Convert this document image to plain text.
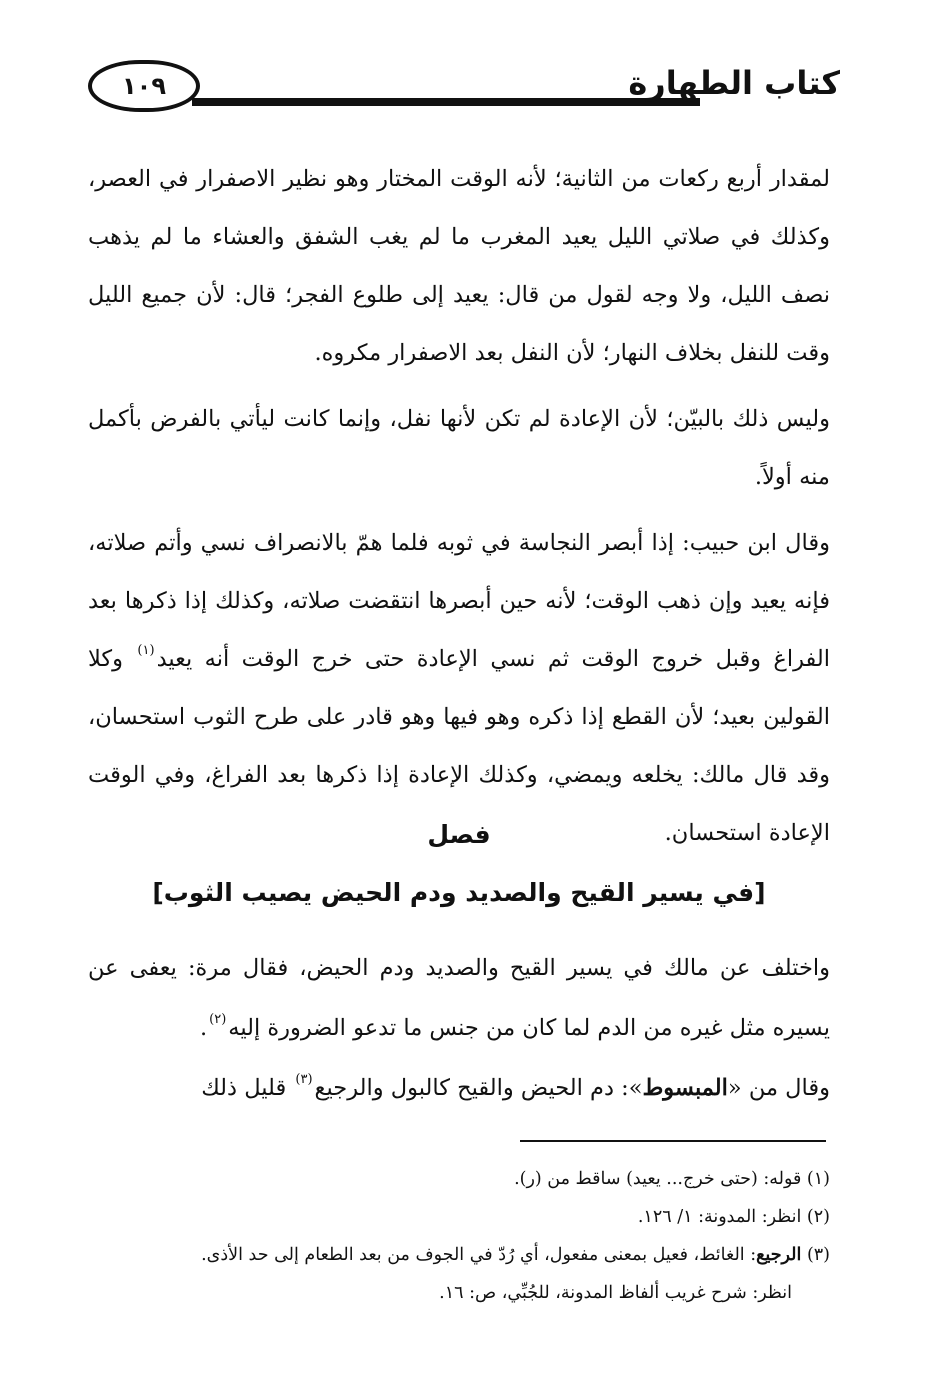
١٠٩	كتاب الطهارة

لمقدار أربع ركعات من الثانية؛ لأنه الوقت المختار وهو نظير الاصفرار في العصر، وكذلك في صلاتي الليل يعيد المغرب ما لم يغب الشفق والعشاء ما لم يذهب نصف الليل، ولا وجه لقول من قال: يعيد إلى طلوع الفجر؛ قال: لأن جميع الليل وقت للنفل بخلاف النهار؛ لأن النفل بعد الاصفرار مكروه.

وليس ذلك بالبيّن؛ لأن الإعادة لم تكن لأنها نفل، وإنما كانت ليأتي بالفرض بأكمل منه أولاً.

وقال ابن حبيب: إذا أبصر النجاسة في ثوبه فلما همّ بالانصراف نسي وأتم صلاته، فإنه يعيد وإن ذهب الوقت؛ لأنه حين أبصرها انتقضت صلاته، وكذلك إذا ذكرها بعد الفراغ وقبل خروج الوقت ثم نسي الإعادة حتى خرج الوقت أنه يعيد$^{(١)}$ وكلا القولين بعيد؛ لأن القطع إذا ذكره وهو فيها وهو قادر على طرح الثوب استحسان، وقد قال مالك: يخلعه ويمضي، وكذلك الإعادة إذا ذكرها بعد الفراغ، وفي الوقت الإعادة استحسان.

فصل
[في يسير القيح والصديد ودم الحيض يصيب الثوب]

واختلف عن مالك في يسير القيح والصديد ودم الحيض، فقال مرة: يعفى عن يسيره مثل غيره من الدم لما كان من جنس ما تدعو الضرورة إليه$^{(٢)}$.

وقال من «المبسوط»: دم الحيض والقيح كالبول والرجيع$^{(٣)}$ قليل ذلك

(١) قوله: (حتى خرج... يعيد) ساقط من (ر).

(٢) انظر: المدونة: ١/ ١٢٦.

(٣) الرجيع: الغائط، فعيل بمعنى مفعول، أي رُدّ في الجوف من بعد الطعام إلى حد الأذى.

انظر: شرح غريب ألفاظ المدونة، للجُبِّي، ص: ١٦.
